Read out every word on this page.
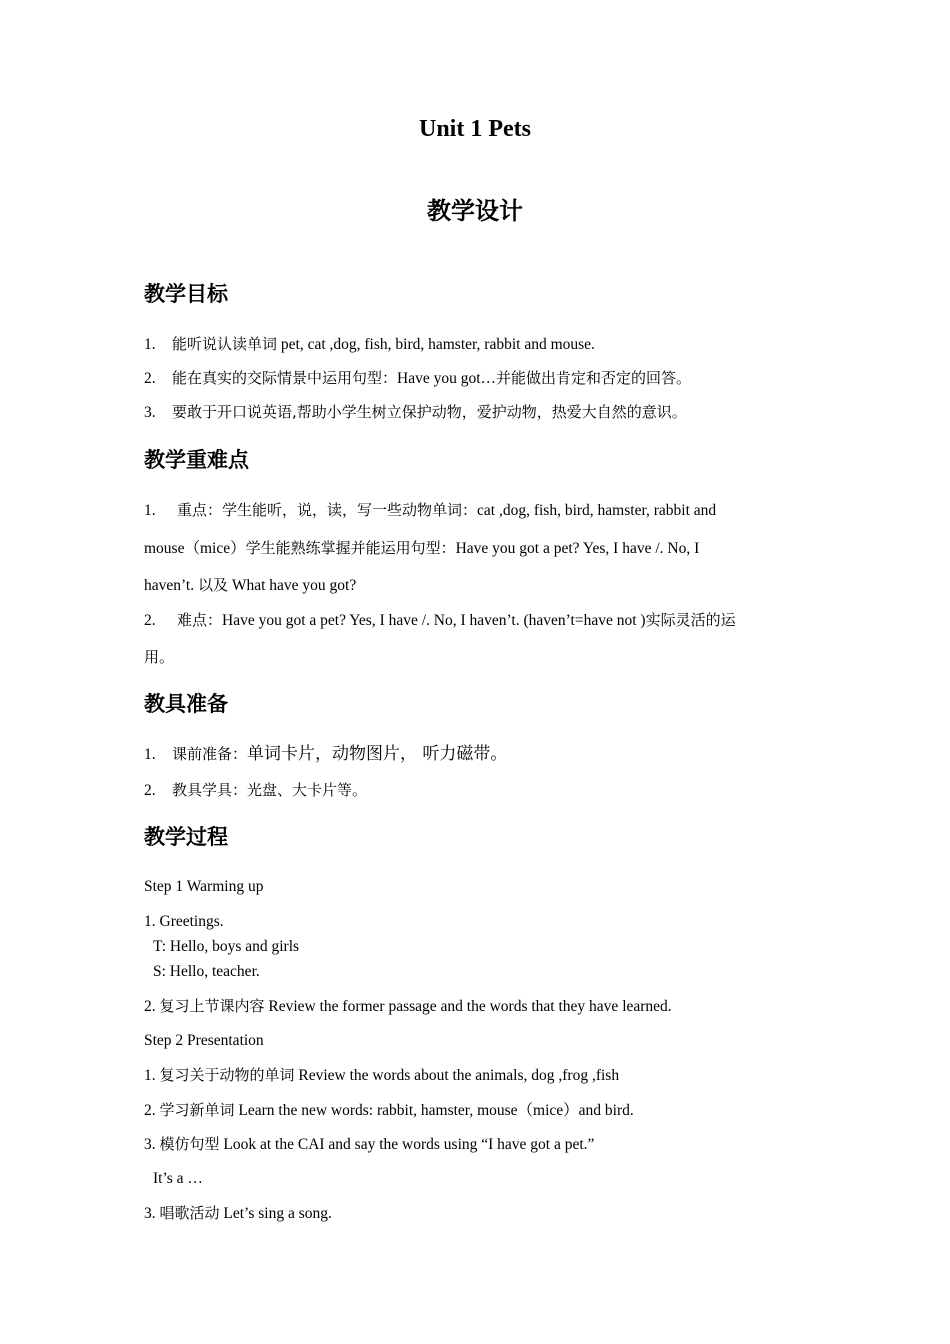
Unit 1 Pets
教学设计
教学目标

1. 能听说认读单词 pet, cat ,dog, fish, bird, hamster, rabbit and mouse.

2. 能在真实的交际情景中运用句型：Have you got…并能做出肯定和否定的回答。

3. 要敢于开口说英语,帮助小学生树立保护动物，爱护动物，热爱大自然的意识。

教学重难点

1. 重点：学生能听，说，读，写一些动物单词：cat ,dog, fish, bird, hamster, rabbit and

mouse（mice）学生能熟练掌握并能运用句型：Have you got a pet? Yes, I have /. No, I

haven’t. 以及 What have you got?

2. 难点：Have you got a pet? Yes, I have /. No, I haven’t. (haven’t=have not )实际灵活的运

用。

教具准备

1. 课前准备：单词卡片，动物图片， 听力磁带。

2. 教具学具：光盘、大卡片等。

教学过程

Step 1 Warming up

1. Greetings.

T: Hello, boys and girls

S: Hello, teacher.

2. 复习上节课内容 Review the former passage and the words that they have learned.

Step 2 Presentation

1. 复习关于动物的单词 Review the words about the animals, dog ,frog ,fish

2. 学习新单词 Learn the new words: rabbit, hamster, mouse（mice）and bird.

3. 模仿句型 Look at the CAI and say the words using “I have got a pet.”

It’s a …

3. 唱歌活动 Let’s sing a song.
